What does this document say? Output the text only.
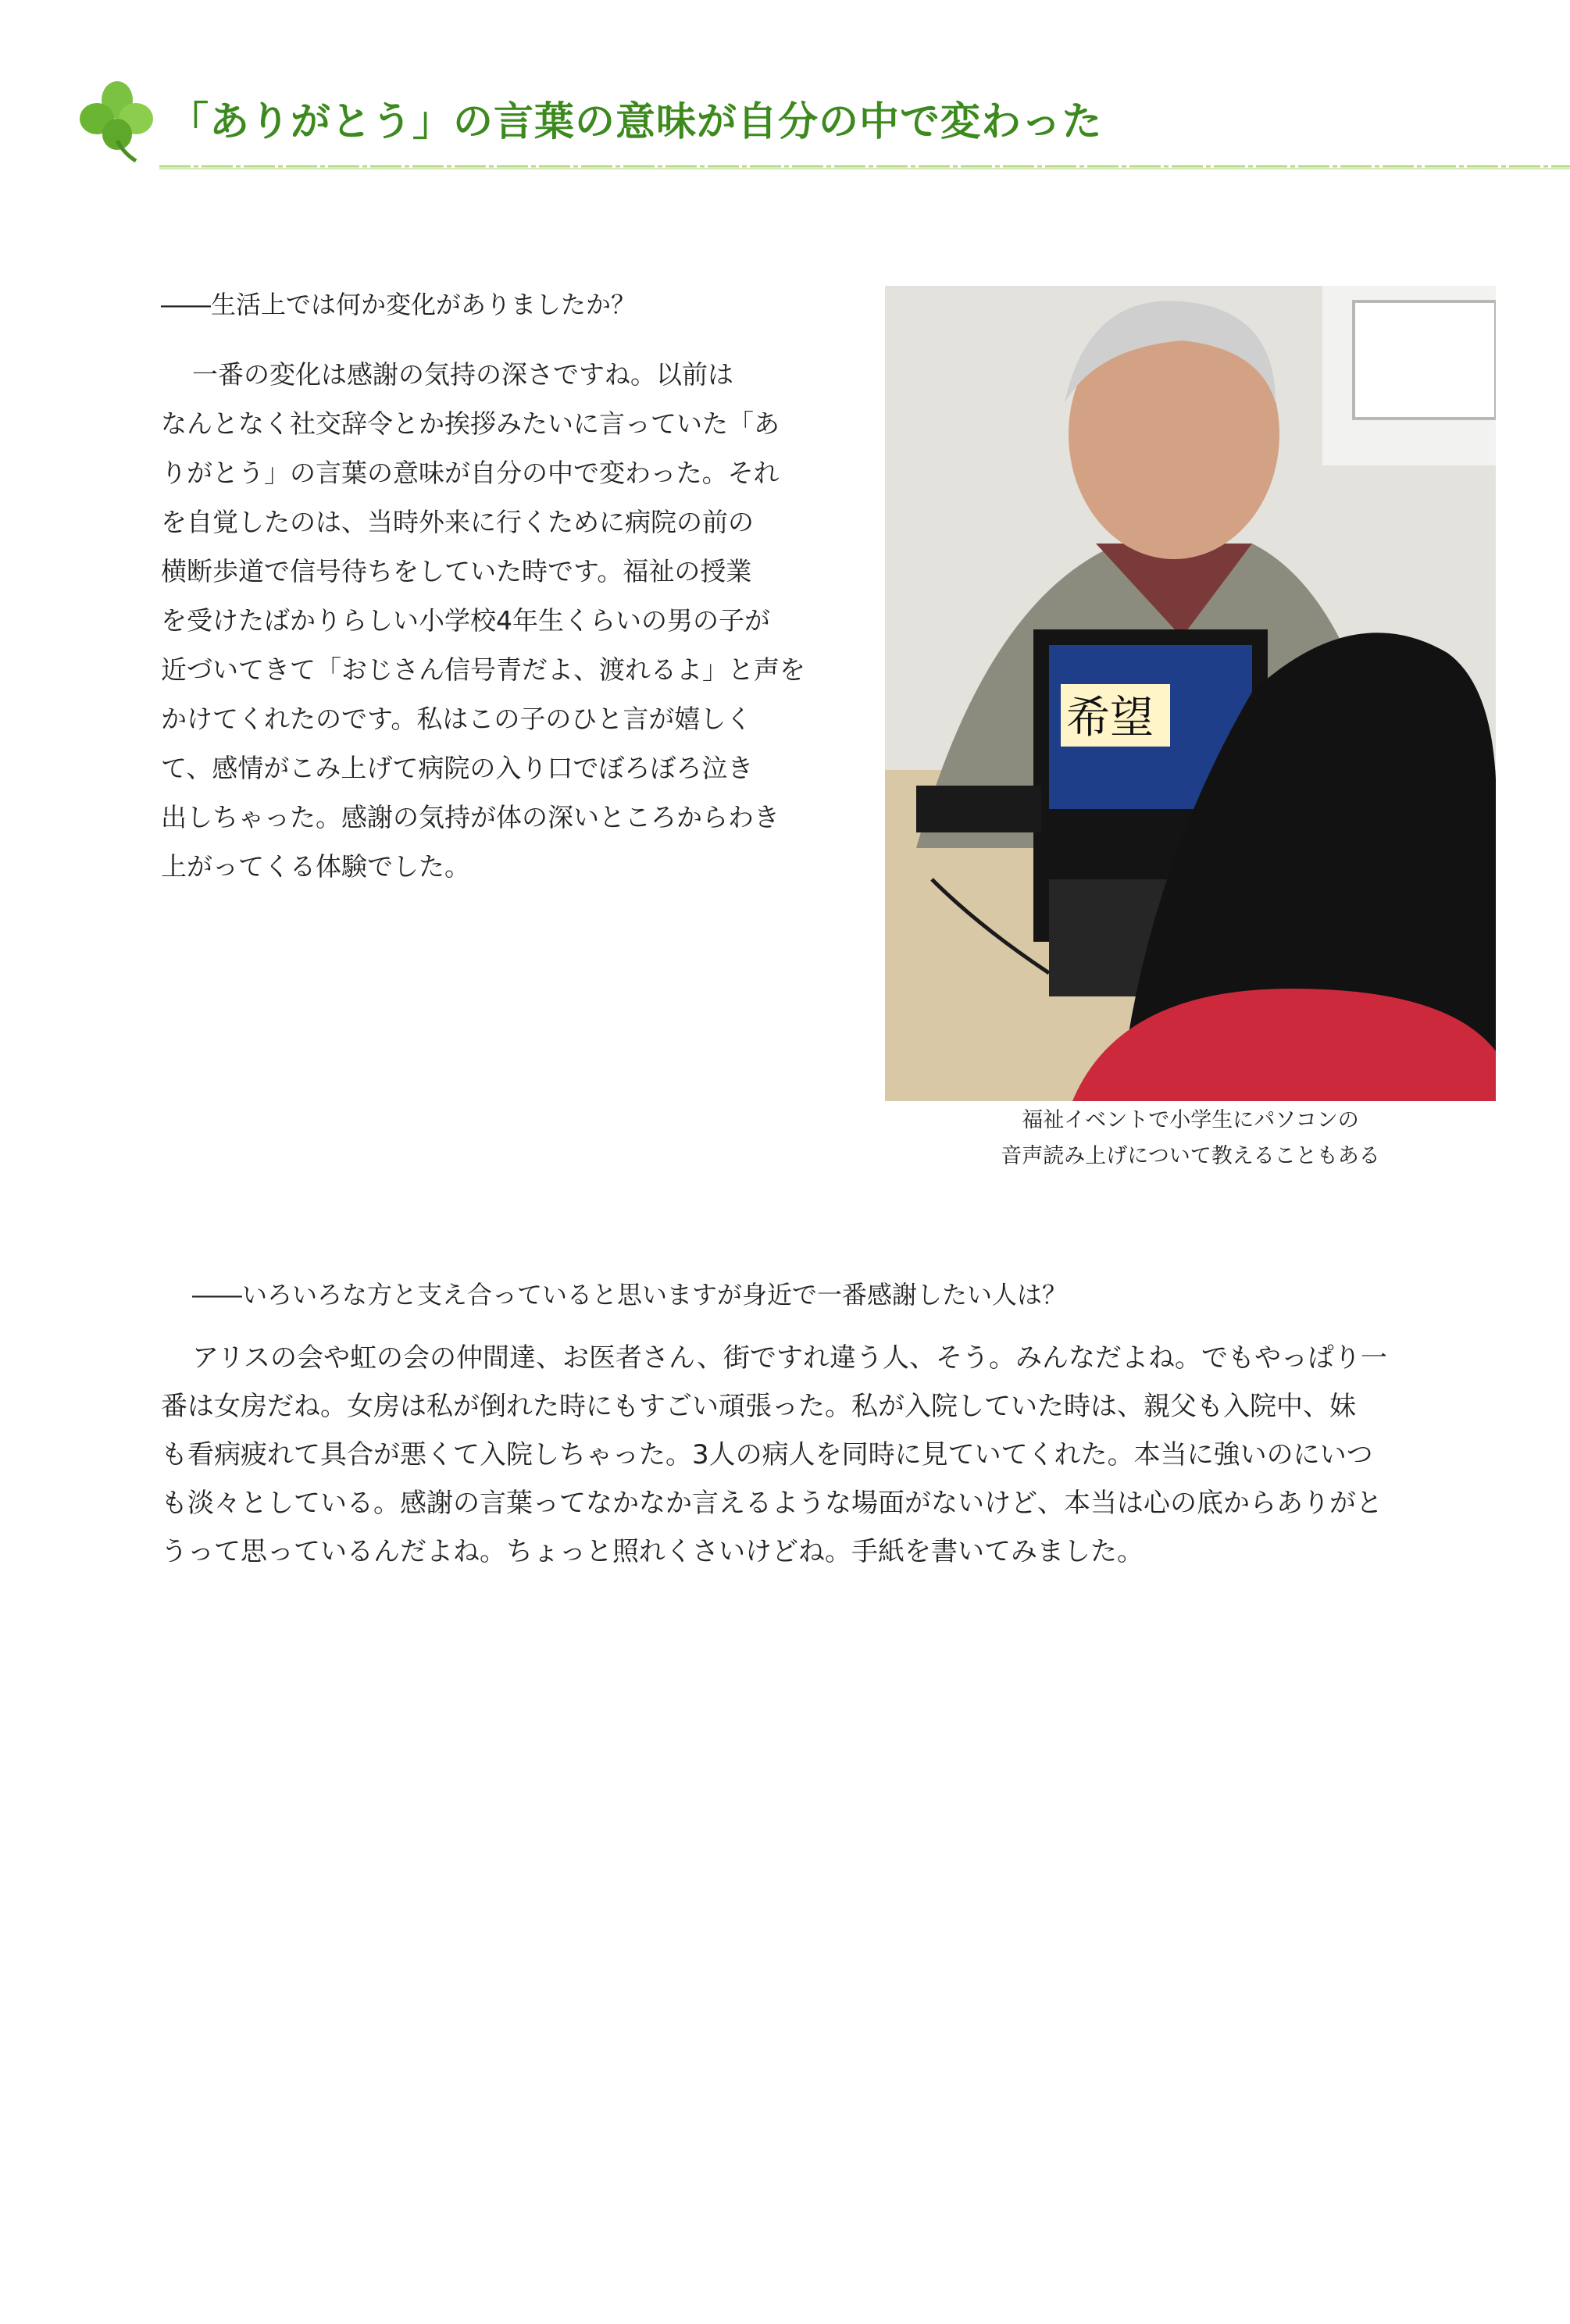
「ありがとう」の言葉の意味が自分の中で変わった

――生活上では何か変化がありましたか？

一番の変化は感謝の気持の深さですね。以前は
なんとなく社交辞令とか挨拶みたいに言っていた「あ
りがとう」の言葉の意味が自分の中で変わった。それ
を自覚したのは、当時外来に行くために病院の前の
横断歩道で信号待ちをしていた時です。福祉の授業
を受けたばかりらしい小学校4年生くらいの男の子が
近づいてきて「おじさん信号青だよ、渡れるよ」と声を
かけてくれたのです。私はこの子のひと言が嬉しく
て、感情がこみ上げて病院の入り口でぼろぼろ泣き
出しちゃった。感謝の気持が体の深いところからわき
上がってくる体験でした。
希望
福祉イベントで小学生にパソコンの
音声読み上げについて教えることもある

――いろいろな方と支え合っていると思いますが身近で一番感謝したい人は？

アリスの会や虹の会の仲間達、お医者さん、街ですれ違う人、そう。みんなだよね。でもやっぱり一
番は女房だね。女房は私が倒れた時にもすごい頑張った。私が入院していた時は、親父も入院中、妹
も看病疲れて具合が悪くて入院しちゃった。3人の病人を同時に見ていてくれた。本当に強いのにいつ
も淡々としている。感謝の言葉ってなかなか言えるような場面がないけど、本当は心の底からありがと
うって思っているんだよね。ちょっと照れくさいけどね。手紙を書いてみました。
